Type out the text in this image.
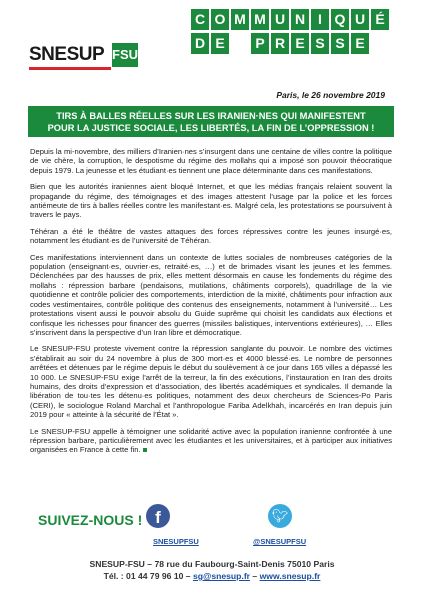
SNESUP FSU
C O M M U N I Q U É
D E	P R E S S E
Paris, le 26 novembre 2019
TIRS À BALLES RÉELLES SUR LES IRANIEN·NES QUI MANIFESTENT
POUR LA JUSTICE SOCIALE, LES LIBERTÉS, LA FIN DE L’OPPRESSION !

Depuis la mi-novembre, des milliers d’Iranien·nes s’insurgent dans une centaine de villes contre la politique de vie chère, la corruption, le despotisme du régime des mollahs qui a imposé son pouvoir théocratique depuis 1979. La jeunesse et les étudiant·es tiennent une place déterminante dans ces manifestations.

Bien que les autorités iraniennes aient bloqué Internet, et que les médias français relaient souvent la propagande du régime, des témoignages et des images attestent l’usage par la police et les forces antiémeute de tirs à balles réelles contre les manifestant·es. Malgré cela, les protestations se poursuivent à travers le pays.

Téhéran a été le théâtre de vastes attaques des forces répressives contre les jeunes insurgé·es, notamment les étudiant·es de l’université de Téhéran.

Ces manifestations interviennent dans un contexte de luttes sociales de nombreuses catégories de la population (enseignant·es, ouvrier·es, retraité·es, …) et de brimades visant les jeunes et les femmes. Déclenchées par des hausses de prix, elles mettent désormais en cause les fondements du régime des mollahs : répression barbare (pendaisons, mutilations, châtiments corporels), quadrillage de la vie quotidienne et contrôle policier des comportements, interdiction de la mixité, châtiments pour infraction aux codes vestimentaires, contrôle politique des contenus des enseignements, notamment à l’université… Les protestations visent aussi le pouvoir absolu du Guide suprême qui choisit les candidats aux élections et confisque les richesses pour financer des guerres (missiles balistiques, interventions extérieures), … Elles s’inscrivent dans la perspective d’un Iran libre et démocratique.

Le SNESUP-FSU proteste vivement contre la répression sanglante du pouvoir. Le nombre des victimes s’établirait au soir du 24 novembre à plus de 300 mort·es et 4000 blessé·es. Le nombre de personnes arrêtées et détenues par le régime depuis le début du soulèvement à ce jour dans 165 villes a dépassé les 10 000. Le SNESUP-FSU exige l’arrêt de la terreur, la fin des exécutions, l’instauration en Iran des droits humains, des droits d’expression et d’association, des libertés académiques et syndicales. Il demande la libération de tou·tes les détenu·es politiques, notamment des deux chercheurs de Sciences-Po Paris (CERI), le sociologue Roland Marchal et l’anthropologue Fariba Adelkhah, incarcérés en Iran depuis juin 2019 pour « atteinte à la sécurité de l’État ».

Le SNESUP-FSU appelle à témoigner une solidarité active avec la population iranienne confrontée à une répression barbare, particulièrement avec les étudiantes et les universitaires, et à participer aux initiatives organisées en France à cette fin.

SUIVEZ-NOUS ! f
SNESUPFSU
🐦︎
@SNESUPFSU
SNESUP-FSU – 78 rue du Faubourg-Saint-Denis 75010 Paris
Tél. : 01 44 79 96 10 – sg@snesup.fr – www.snesup.fr
